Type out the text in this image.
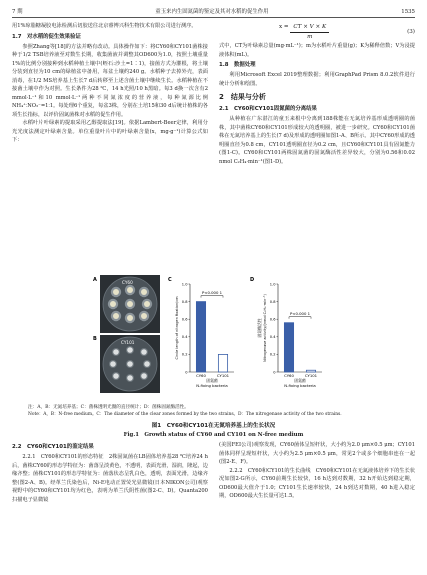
7 期	童玉来内生固氮菌的鉴定及其对水稻的促生作用	1535

用1%琼脂糖凝胶电泳检测后切胶送往北京睿博兴科生物技术有限公司进行测序。

1.7　对水稻的促生效果验证

参照Zhang等[18]的方法并略有改动。具体操作如下：将CY60和CY101菌株接种于1/2 TSB培养液至对数生长期，收集菌液并调整其OD600为1.0，按照土壤重量1%的比例分别接种到水稻种植土壤中(蛭石:沙土=1∶1)，接菌方式为灌根，将土壤分装到直径为10 cm的绿植盆中备用，每盆土壤约240 g。水稻种子去掉外壳，表面消毒，在1/2 MS培养基上生长7 d后转移至上述含菌土壤中继续生长。水稻种植在不接菌土壤中作为对照。生长条件为28 ℃，14 h光照/10 h黑暗。每3 d换一次含有2 mmol·L⁻¹和10 mmol·L⁻¹两种不同氮浓度的营养液，每种氮源比例NH₄⁺∶NO₃⁻=1∶1。每处理6个重复，每盆3株，分别在土培15和30 d后统计植株的各项生长指标，以评价固氮菌株对水稻的促生作用。

水稻叶片叶绿素的提取采用乙醇提取法[19]。依据Lambert-Beer定律，利用分光光度法测定叶绿素含量。单位重量叶片中的叶绿素含量(x，mg·g⁻¹)计算公式如下：

$x = \frac{CT \times V \times K}{m}$	(3)

式中，CT为叶绿素总量(mg·mL⁻¹)；m为水稻叶片重量(g)；K为稀释倍数；V为浸提液体积(mL)。

1.8　数据处理

利用Microsoft Excel 2019整理数据；利用GraphPad Prism 8.0.2软件进行统计分析和绘图。

2　结果与分析
2.1　CY60和CY101固氮菌的分离结果

从种植在广东湛江的童玉来根中分离到188株能在无氮培养基形成透明圈的菌株，其中菌株CY60和CY101形成较大的透明圈，被进一步研究。CY60和CY101菌株在无氮培养基上的生长(7 d)及形成的透明圈如图1-A、B所示。其中CY60形成的透明圈直径为0.8 cm，CY101透明圈直径为0.2 cm，且CY60和CY101具有固氮能力(图1-C)。CY60和CY101两株固氮菌的固氮酶活性差异较大，分别为0.56和0.02 nmol C₂H₄·min⁻¹(图1-D)。

A
B
C	D
CY60
CY101
0
0.2
0.4
0.6
0.8
1.0
CY60	CY101
P<0.000 1
固氮菌
N-fixing bacteria
Circle length of nitrogen fixation/cm
0
0.2
0.4
0.6
0.8
1.0
CY60	CY101
P<0.000 1
固氮菌
N-fixing bacteria
Nitrogenase activity/(nmol C₂H₄·min⁻¹)
固氮酶活性
注：A，B：无氮培养基；C：菌株透明光圈的直径统计；D：菌株固氮酶活性。
Note：A，B：N-free medium。C：The diameter of the clear zones formed by the two strains。D：The nitrogenase activity of the two strains.
图1　CY60和CY101在无氮培养基上的生长状况
Fig.1　Growth status of CY60 and CY101 on N-free medium
2.2　CY60和CY101的鉴定结果

2.2.1　CY60和CY101的形态特征　2株固氮菌在LB固体培养基28 ℃培养24 h后，菌株CY60的形态学特征为：菌落呈淡黄色，不透明，表面光滑，湿润，隆起，边缘齐整；菌株CY101的形态学特征为：菌落状态呈乳白色，透明，表面光滑，边缘齐整(图2-A、B)。经革兰氏染色后，Ni-E电动正置荧光显微镜(日本NIKON公司)观察视野中的CY60和CY101均为红色，表明为革兰氏阴性菌(图2-C、D)。Quanta200扫描电子显微镜

(美国FEI公司)观察发现，CY60菌体呈短杆状，大小约为2.0 μm×0.5 μm；CY101菌体同样呈现短杆状，大小约为2.5 μm×0.5 μm，常见2个或多个细胞串连在一起(图2-E、F)。

2.2.2　CY60和CY101的生长曲线　CY60和CY101在无氮液体培养下的生长状况如图2-G所示，CY60前期生长较快，16 h达到对数期，32 h开始达到稳定期，OD600最大值介于1.0；CY101生长速率较快，24 h到达对数期，40 h进入稳定期，OD600最大生长量可达1.5。
